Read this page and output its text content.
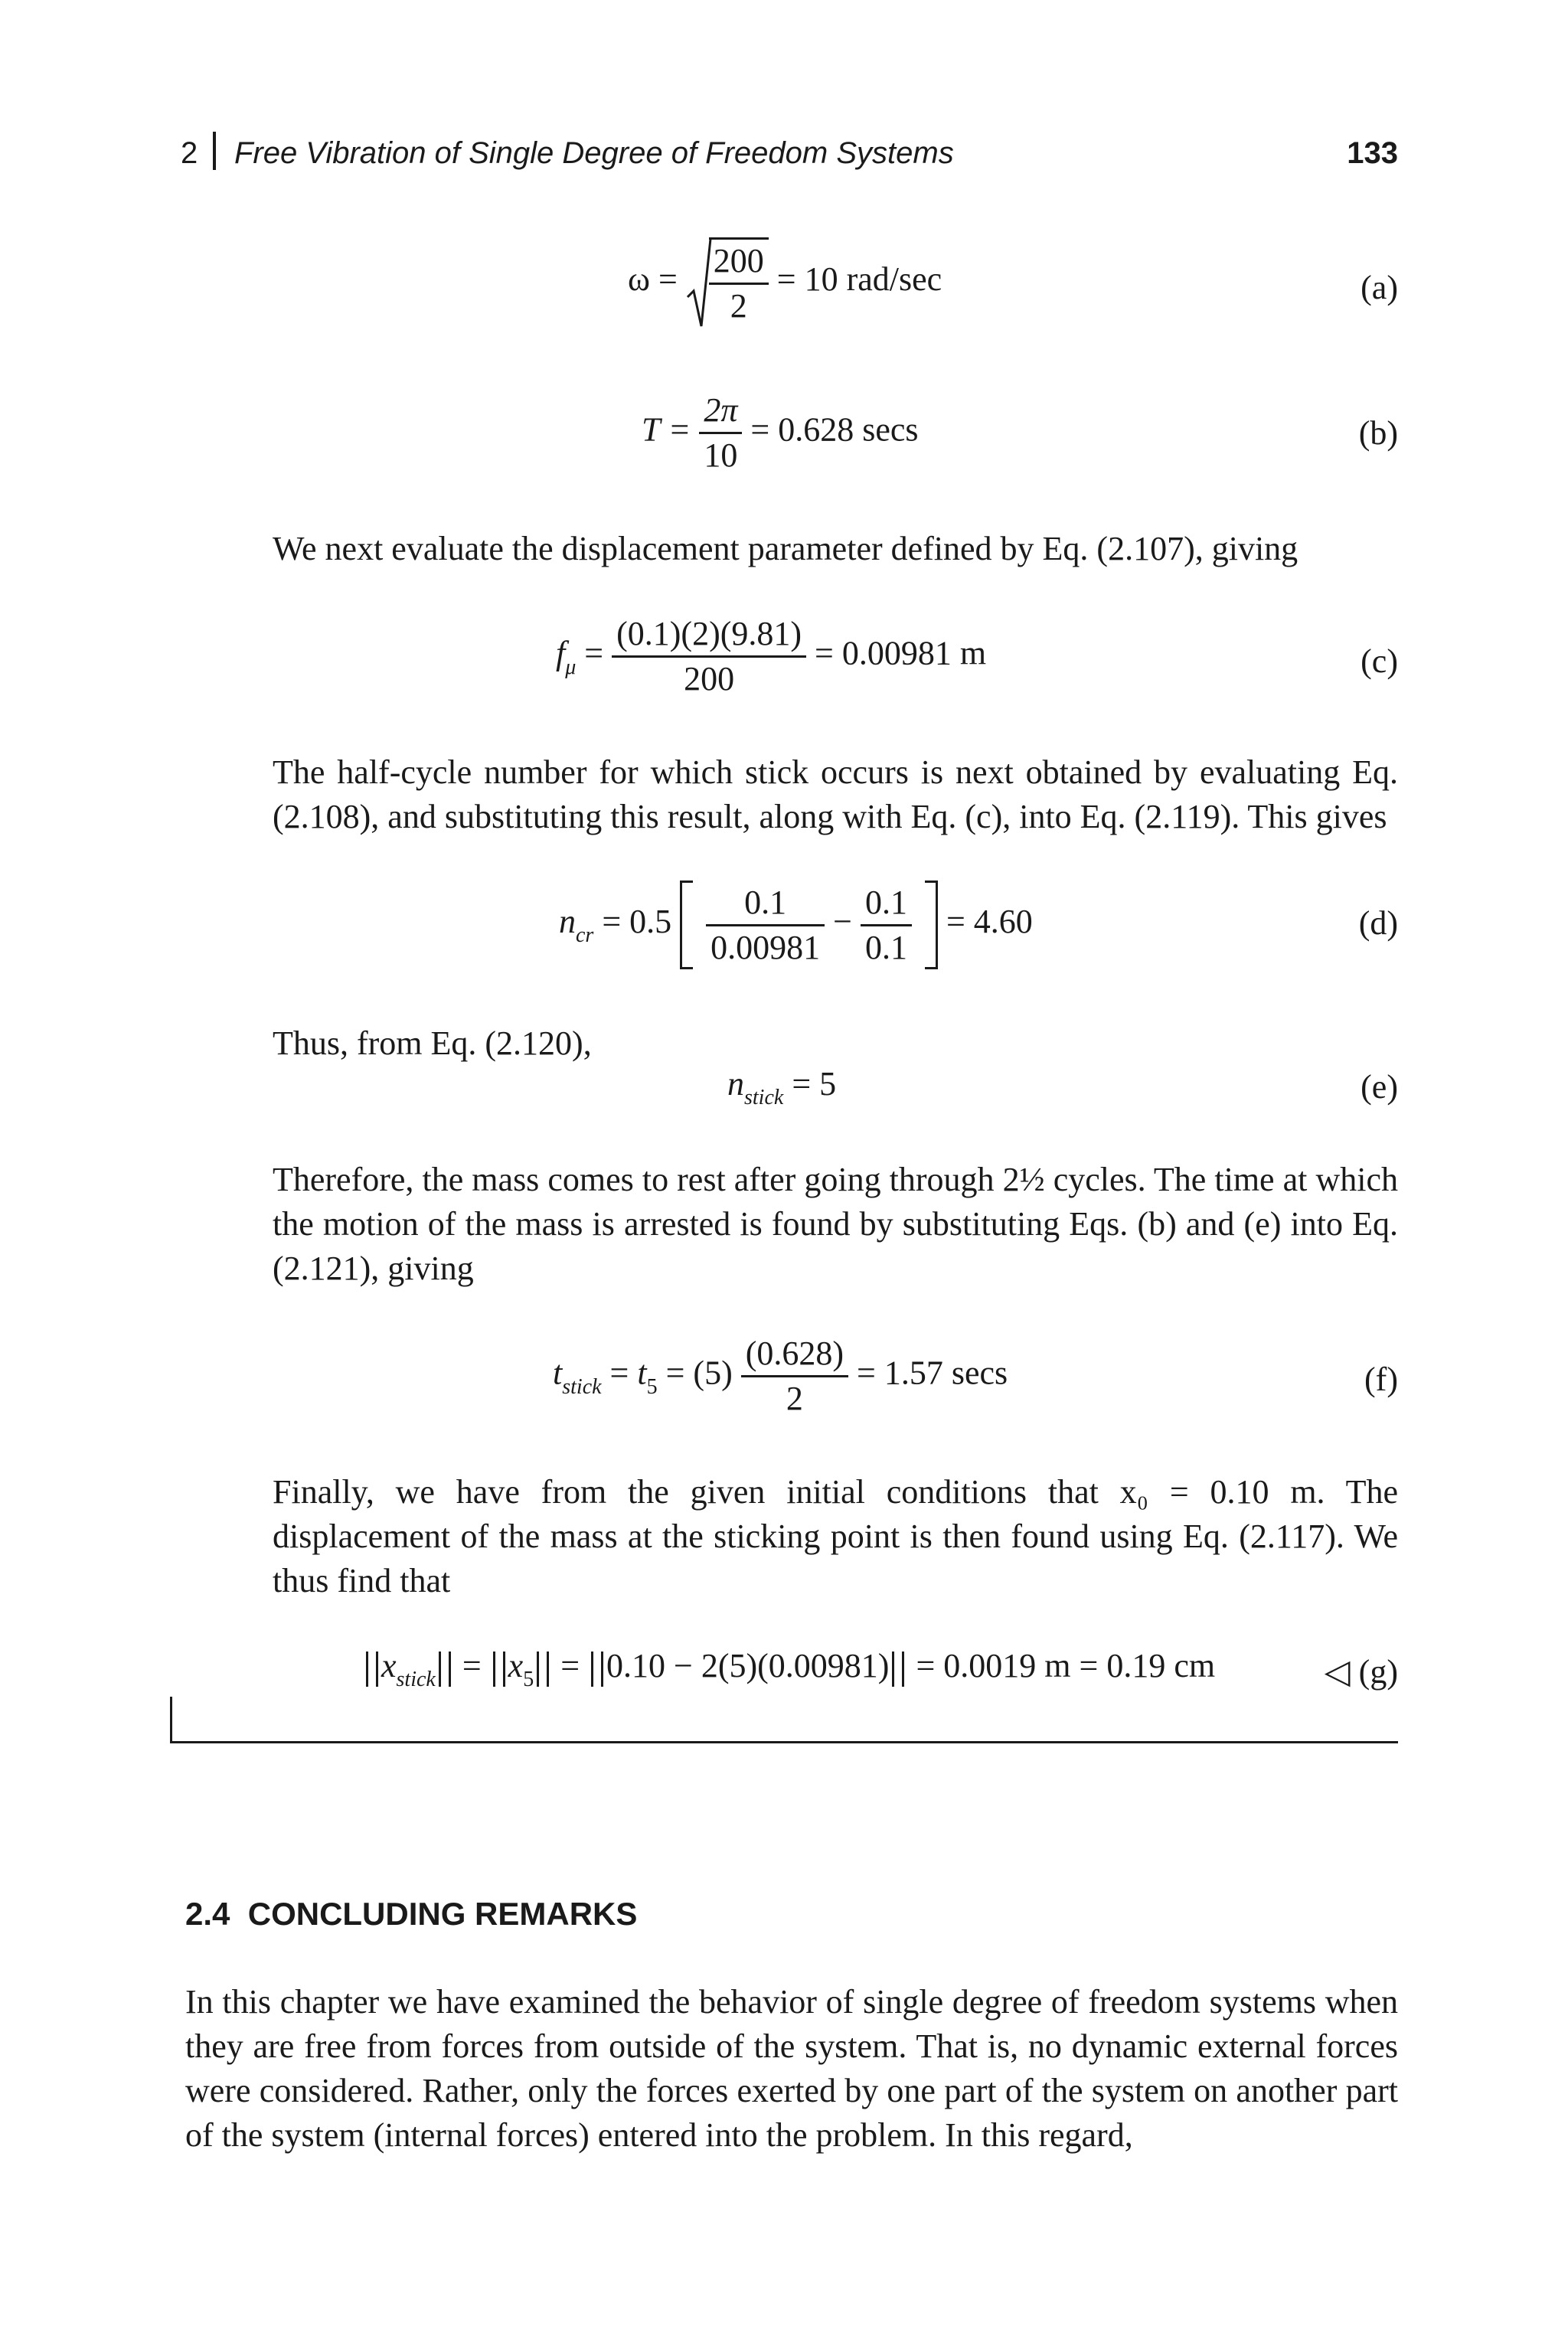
2 Free Vibration of Single Degree of Freedom Systems	133
$\omega = \frac{200}{2} = 10$ rad/sec	(a)
$T = \frac{2\pi}{10} = 0.628$ secs	(b)
We next evaluate the displacement parameter defined by Eq. (2.107), giving
$f_\mu = \frac{(0.1)(2)(9.81)}{200} = 0.00981$ m	(c)
The half-cycle number for which stick occurs is next obtained by evaluating Eq. (2.108), and substituting this result, along with Eq. (c), into Eq. (2.119). This gives
$n_{cr} = 0.5 \frac{0.1}{0.00981} - \frac{0.1}{0.1} = 4.60$	(d)
Thus, from Eq. (2.120),
$n_{stick} = 5$	(e)
Therefore, the mass comes to rest after going through 2½ cycles. The time at which the motion of the mass is arrested is found by substituting Eqs. (b) and (e) into Eq. (2.121), giving
$t_{stick} = t_5 = (5) \frac{(0.628)}{2} = 1.57$ secs	(f)
Finally, we have from the given initial conditions that x₀ = 0.10 m. The displacement of the mass at the sticking point is then found using Eq. (2.117). We thus find that
$x_{stick} = x_5 = 0.10 - 2(5)(0.00981) = 0.0019$ m = 0.19 cm	◁ (g)
2.4 CONCLUDING REMARKS
In this chapter we have examined the behavior of single degree of freedom systems when they are free from forces from outside of the system. That is, no dynamic external forces were considered. Rather, only the forces exerted by one part of the system on another part of the system (internal forces) entered into the problem. In this regard,
